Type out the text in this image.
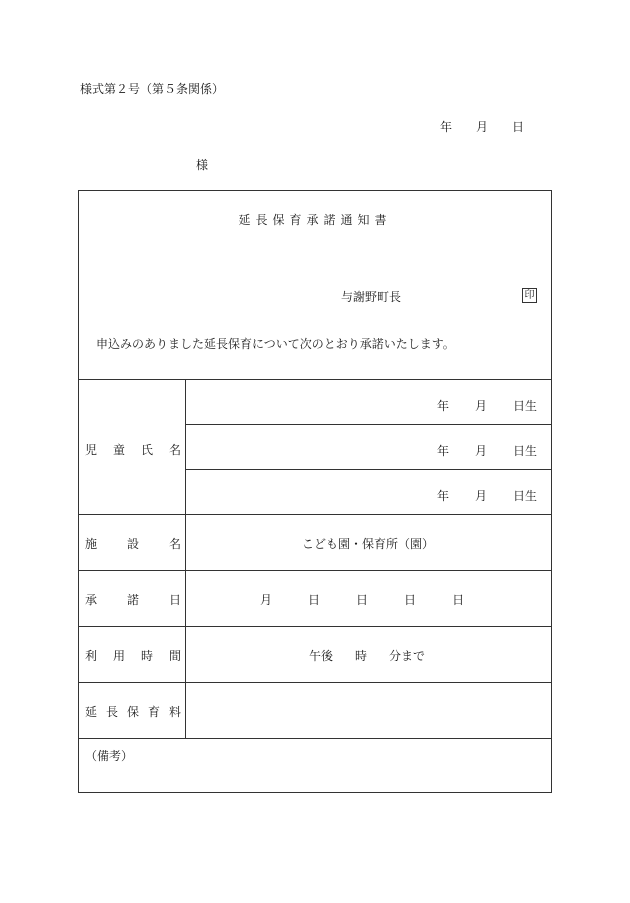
様式第２号（第５条関係）
年 月 日
様
延長保育承諾通知書
与謝野町長	印
申込みのありました延長保育について次のとおり承諾いたします。
児 童 氏 名
年 月 日生
年 月 日生
年 月 日生
施 設 名	こども園・保育所（園）
承 諾 日	月	日	日	日	日
利 用 時 間	午後 時 分まで
延 長 保 育 料
（備考）
